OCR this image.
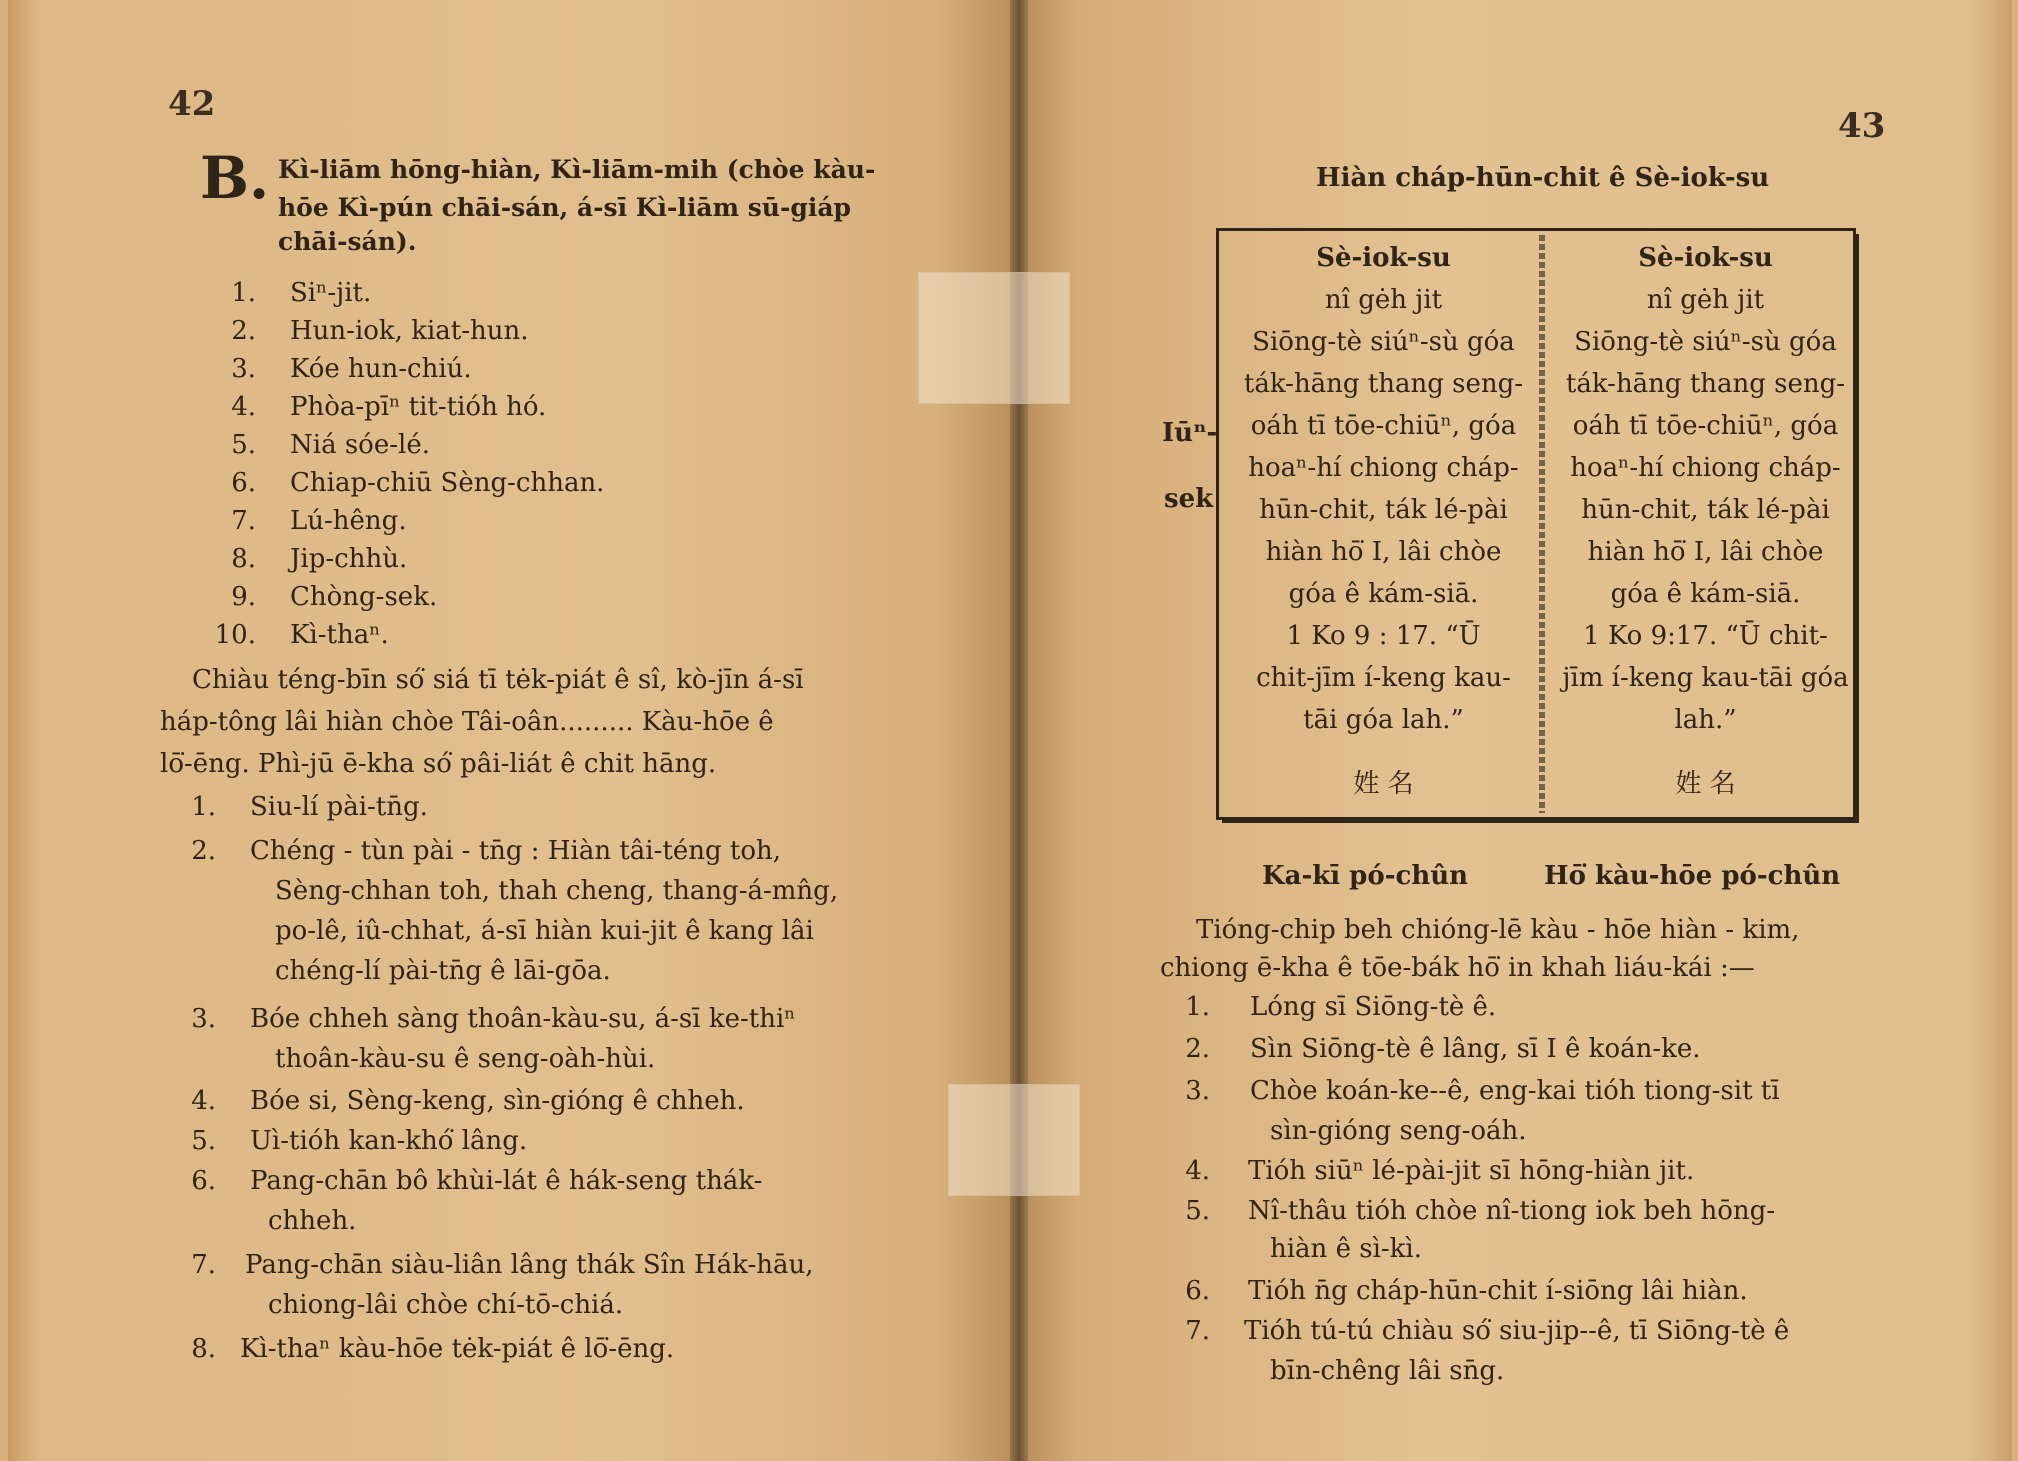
42
B. Kì-liām hōng-hiàn, Kì-liām-mih (chòe kàu-
hōe Kì-pún chāi-sán, á-sī Kì-liām sū-giáp
chāi-sán).
1. Siⁿ-jit.
2. Hun-iok, kiat-hun.
3. Kóe hun-chiú.
4. Phòa-pīⁿ tit-tióh hó.
5. Niá sóe-lé.
6. Chiap-chiū Sèng-chhan.
7. Lú-hêng.
8. Jip-chhù.
9. Chòng-sek.
10. Kì-thaⁿ.
Chiàu téng-bīn só͘ siá tī tėk-piát ê sî, kò-jīn á-sī
háp-tông lâi hiàn chòe Tâi-oân......... Kàu-hōe ê
lō͘-ēng. Phì-jū ē-kha só͘ pâi-liát ê chit hāng.
1. Siu-lí pài-tn̄g.
2. Chéng - tùn pài - tn̄g : Hiàn tâi-téng toh,
Sèng-chhan toh, thah cheng, thang-á-mn̂g,
po-lê, iû-chhat, á-sī hiàn kui-jit ê kang lâi
chéng-lí pài-tn̄g ê lāi-gōa.
3. Bóe chheh sàng thoân-kàu-su, á-sī ke-thiⁿ
thoân-kàu-su ê seng-oàh-hùi.
4. Bóe si, Sèng-keng, sìn-gióng ê chheh.
5. Uì-tióh kan-khó͘ lâng.
6. Pang-chān bô khùi-lát ê hák-seng thák-
chheh.
7. Pang-chān siàu-liân lâng thák Sîn Hák-hāu,
chiong-lâi chòe chí-tō-chiá.
8. Kì-thaⁿ kàu-hōe tėk-piát ê lō͘-ēng.
43
Hiàn cháp-hūn-chit ê Sè-iok-su
Iūⁿ-
sek
Sè-iok-su
nî gėh jit
Siōng-tè siúⁿ-sù góa
ták-hāng thang seng-
oáh tī tōe-chiūⁿ, góa
hoaⁿ-hí chiong cháp-
hūn-chit, ták lé-pài
hiàn hō͘ I, lâi chòe
góa ê kám-siā.
1 Ko 9 : 17. “Ū
chit-jīm í-keng kau-
tāi góa lah.”
姓 名
Sè-iok-su
nî gėh jit
Siōng-tè siúⁿ-sù góa
ták-hāng thang seng-
oáh tī tōe-chiūⁿ, góa
hoaⁿ-hí chiong cháp-
hūn-chit, ták lé-pài
hiàn hō͘ I, lâi chòe
góa ê kám-siā.
1 Ko 9:17. “Ū chit-
jīm í-keng kau-tāi góa
lah.”
姓 名
Ka-kī pó-chûn	Hō͘ kàu-hōe pó-chûn
Tióng-chip beh chióng-lē kàu - hōe hiàn - kim,
chiong ē-kha ê tōe-bák hō͘ in khah liáu-kái :—
1. Lóng sī Siōng-tè ê.
2. Sìn Siōng-tè ê lâng, sī I ê koán-ke.
3. Chòe koán-ke--ê, eng-kai tióh tiong-sit tī
sìn-gióng seng-oáh.
4. Tióh siūⁿ lé-pài-jit sī hōng-hiàn jit.
5. Nî-thâu tióh chòe nî-tiong iok beh hōng-
hiàn ê sì-kì.
6. Tióh n̄g cháp-hūn-chit í-siōng lâi hiàn.
7. Tióh tú-tú chiàu só͘ siu-jip--ê, tī Siōng-tè ê
bīn-chêng lâi sn̄g.
